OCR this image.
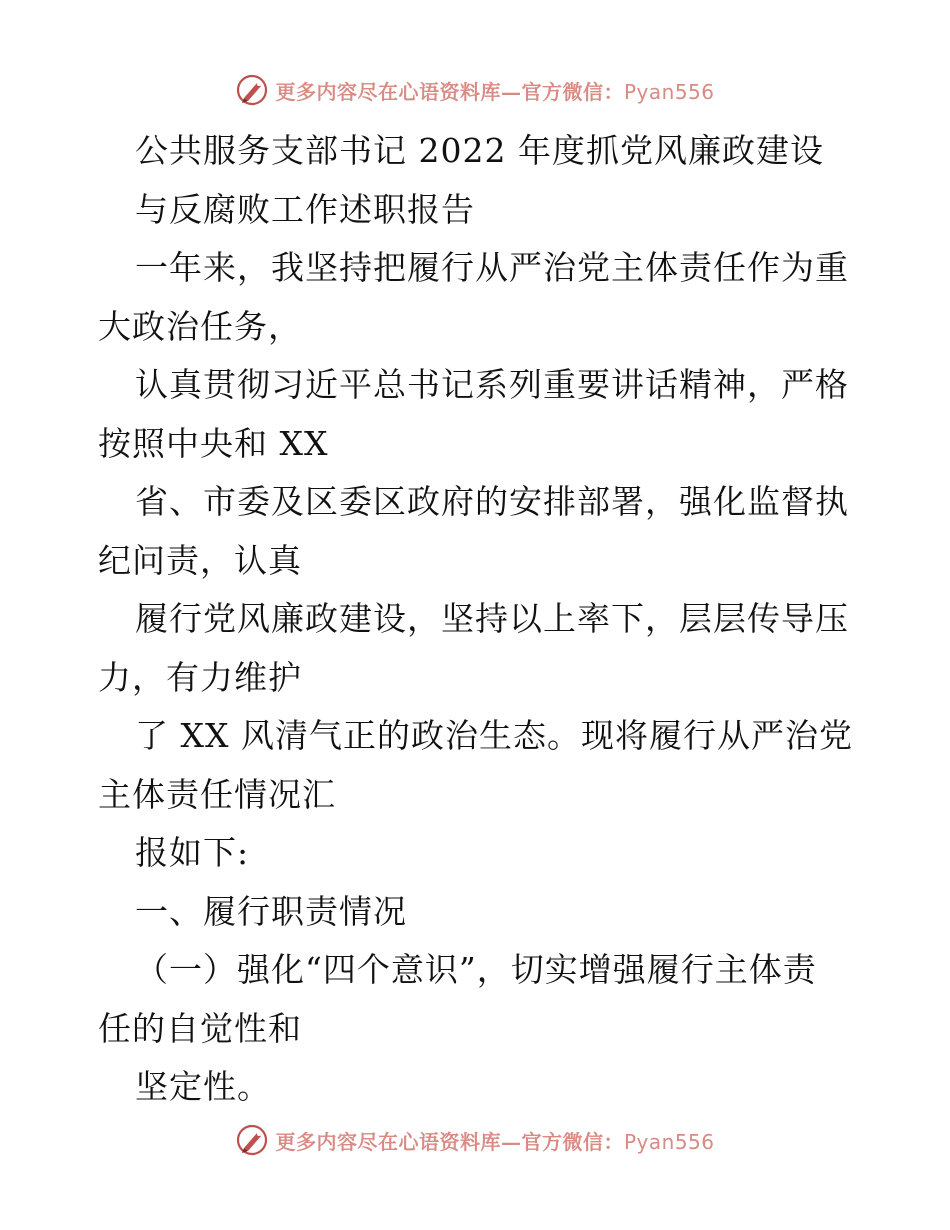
更多内容尽在心语资料库—官方微信：Pyan556
公共服务支部书记 2022 年度抓党风廉政建设
与反腐败工作述职报告
一年来，我坚持把履行从严治党主体责任作为重
大政治任务，
认真贯彻习近平总书记系列重要讲话精神，严格
按照中央和 XX
省、市委及区委区政府的安排部署，强化监督执
纪问责，认真
履行党风廉政建设，坚持以上率下，层层传导压
力，有力维护
了 XX 风清气正的政治生态。现将履行从严治党
主体责任情况汇
报如下:
一、履行职责情况
（一）强化“四个意识”，切实增强履行主体责
任的自觉性和
坚定性。
更多内容尽在心语资料库—官方微信：Pyan556
